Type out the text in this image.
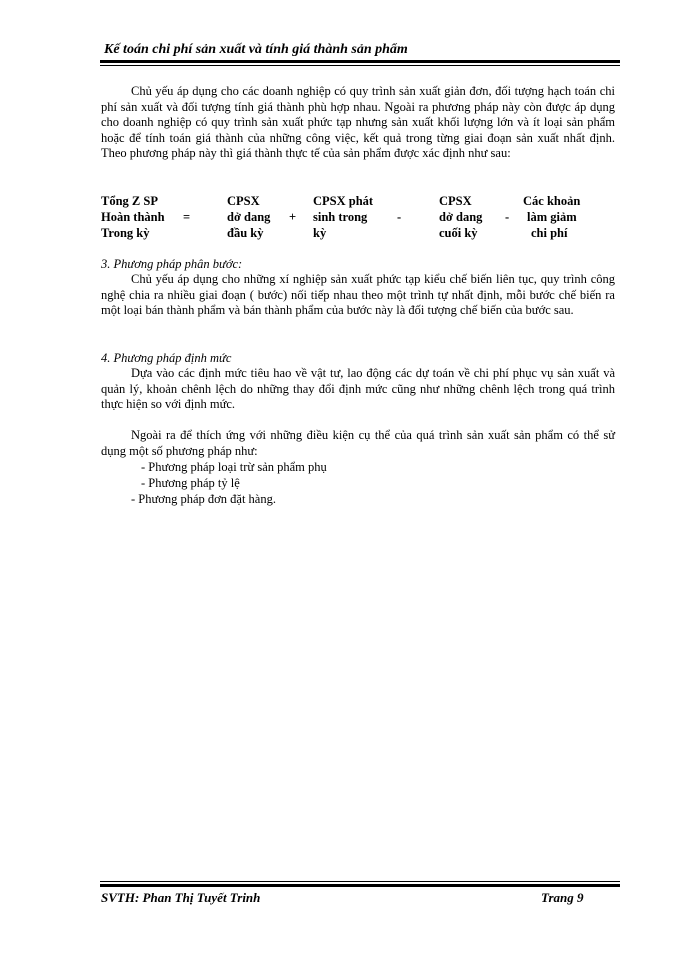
Kế toán chi phí sản xuất và tính giá thành sản phẩm

Chủ yếu áp dụng cho các doanh nghiệp có quy trình sản xuất giản đơn, đối tượng hạch toán chi phí sản xuất và đối tượng tính giá thành phù hợp nhau. Ngoài ra phương pháp này còn được áp dụng cho doanh nghiệp có quy trình sản xuất phức tạp nhưng sản xuất khối lượng lớn và ít loại sản phẩm hoặc để tính toán giá thành của những công việc, kết quả trong từng giai đoạn sản xuất nhất định. Theo phương pháp này thì giá thành thực tế của sản phẩm được xác định như sau:

Tổng Z SP
Hoàn thành
Trong kỳ
=
CPSX
dở dang
đầu kỳ
+
CPSX phát
sinh trong
kỳ
-
CPSX
dở dang
cuối kỳ
-
Các khoản
làm giảm
chi phí
3. Phương pháp phân bước:

Chủ yếu áp dụng cho những xí nghiệp sản xuất phức tạp kiểu chế biến liên tục, quy trình công nghệ chia ra nhiều giai đoạn ( bước) nối tiếp nhau theo một trình tự nhất định, mỗi bước chế biến ra một loại bán thành phẩm và bán thành phẩm của bước này là đối tượng chế biến của bước sau.

4. Phương pháp định mức

Dựa vào các định mức tiêu hao về vật tư, lao động các dự toán về chi phí phục vụ sản xuất và quản lý, khoản chênh lệch do những thay đổi định mức cũng như những chênh lệch trong quá trình thực hiện so với định mức.

Ngoài ra để thích ứng với những điều kiện cụ thể của quá trình sản xuất sản phẩm có thể sử dụng một số phương pháp như:

- Phương pháp loại trừ sản phẩm phụ
- Phương pháp tỷ lệ
- Phương pháp đơn đặt hàng.
SVTH: Phan Thị Tuyết Trinh	Trang 9
